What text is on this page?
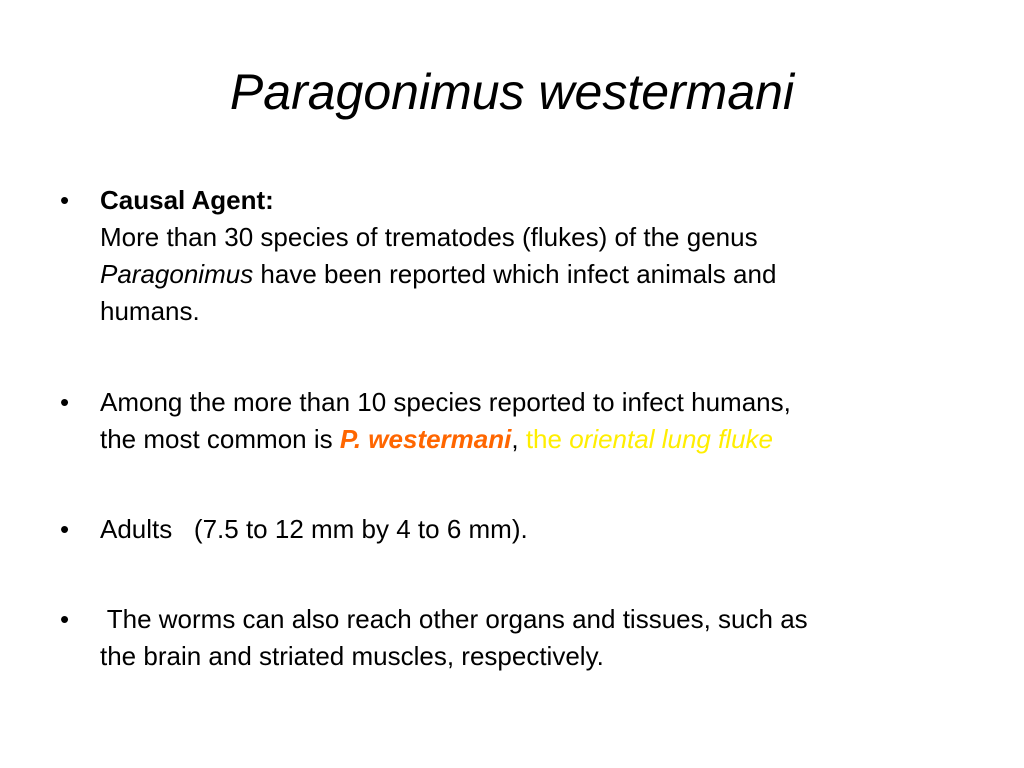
Paragonimus westermani
•	Causal Agent:
More than 30 species of trematodes (flukes) of the genus
Paragonimus have been reported which infect animals and
humans.
•	Among the more than 10 species reported to infect humans,
the most common is P. westermani, the oriental lung fluke
•	Adults   (7.5 to 12 mm by 4 to 6 mm).
•	The worms can also reach other organs and tissues, such as
the brain and striated muscles, respectively.
